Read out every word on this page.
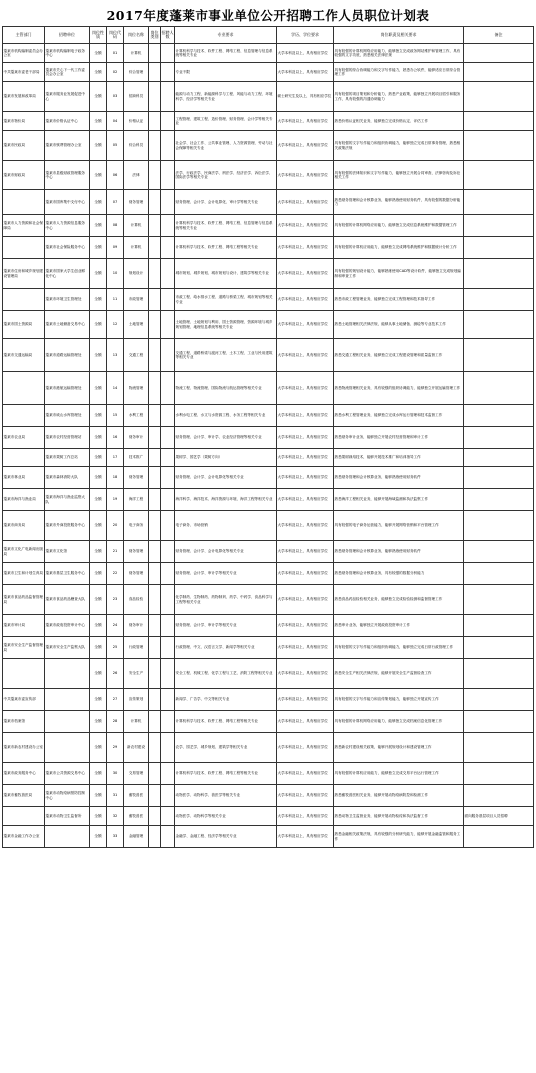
2017年度蓬莱市事业单位公开招聘工作人员职位计划表
主管部门	招聘单位	岗位性质	岗位代码	岗位名称	岗位类别	招聘人数	专业要求	学历、学位要求	岗位职责及相关要求	备注
蓬莱市机构编制委员会办公室	蓬莱市机构编制电子政务中心	全额	01	计算机			计算机科学与技术、软件工程、网络工程、信息管理与信息系统等相关专业	大学本科及以上，具有相应学位	具有较强的计算机网络应用能力，能够独立完成政务网站维护和管理工作，具有较强的文字功底，熟悉相关法律法规	
中共蓬莱市委老干部局	蓬莱市关心下一代工作委员会办公室	全额	02	综合管理			专业不限	大学本科及以上，具有相应学位	具有较强的综合协调能力和文字写作能力，熟悉办公软件，能够适应日常综合管理工作	
蓬莱市发展和改革局	蓬莱市服务业发展促进中心	全额	03	招商科员			能源与动力工程、新能源科学与工程、风能与动力工程、环境科学、经济学等相关专业	硕士研究生及以上，具有相应学位	具有较强的项目策划和分析能力，熟悉产业政策，能够独立开展项目招引和服务工作，具有较强的沟通协调能力	
蓬莱市物价局	蓬莱市价格认证中心	全额	04	价格认证			工程管理、建筑工程、造价管理、财务管理、会计学等相关专业	大学本科及以上，具有相应学位	熟悉价格认证相关业务，能够独立完成价格认定、评估工作	
蓬莱市民政局	蓬莱市殡葬管理办公室	全额	05	综合科员			社会学、社会工作、公共事业管理、人力资源管理、劳动与社会保障等相关专业	大学本科及以上，具有相应学位	具有较强的文字写作能力和组织协调能力，能够独立完成日常事务管理，熟悉相关政策法规	
蓬莱市财政局	蓬莱市县级财政管理服务中心	全额	06	法律			法学、行政法学、民商法学、刑法学、经济法学、诉讼法学、国际法学等相关专业	大学本科及以上，具有相应学位	具有较强的法律知识和文字写作能力，能够独立开展合同审查、法律咨询及诉讼相关工作	
	蓬莱市国库集中支付中心	全额	07	财务管理			财务管理、会计学、会计电算化、审计学等相关专业	大学本科及以上，具有相应学位	熟悉财务管理和会计核算业务，能够熟练使用财务软件，具有较强的数据分析能力	
蓬莱市人力资源和社会保障局	蓬莱市人力资源信息服务中心	全额	08	计算机			计算机科学与技术、软件工程、网络工程、信息管理与信息系统等相关专业	大学本科及以上，具有相应学位	具有较强的计算机网络应用能力，能够独立完成信息系统维护和数据管理工作	
	蓬莱市社会保险服务中心	全额	09	计算机			计算机科学与技术、软件工程、网络工程等相关专业	大学本科及以上，具有相应学位	具有较强的计算机应用能力，能够独立完成网络系统维护和数据统计分析工作	
蓬莱市住房和城乡规划建设管理局	蓬莱市国家大学生创业孵化中心	全额	10	规划设计			城市规划、城乡规划、城市规划与设计、建筑学等相关专业	大学本科及以上，具有相应学位	具有较强的规划设计能力，能够熟练使用CAD等设计软件，能够独立完成规划编制和审查工作	
	蓬莱市环境卫生管理处	全额	11	市政管理			市政工程、给水排水工程、道路与桥梁工程、城市规划等相关专业	大学本科及以上，具有相应学位	熟悉市政工程管理业务，能够独立完成工程管理和技术指导工作	
蓬莱市国土资源局	蓬莱市土地储备交易中心	全额	12	土地管理			土地管理、土地规划与利用、国土资源管理、资源环境与城乡规划管理、地理信息系统等相关专业	大学本科及以上，具有相应学位	熟悉土地管理相关法律法规，能够从事土地储备、测绘等专业技术工作	
蓬莱市交通运输局	蓬莱市道路运输管理处	全额	13	交通工程			交通工程、道路桥梁与渡河工程、土木工程、工业与民用建筑等相关专业	大学本科及以上，具有相应学位	熟悉交通工程相关业务，能够独立完成工程建设管理和质量监督工作	
	蓬莱市港航运输管理处	全额	14	物流管理			物流工程、物流管理、国际物流与航运管理等相关专业	大学本科及以上，具有相应学位	熟悉物流管理相关业务，具有较强的组织协调能力，能够独立开展运输管理工作	
	蓬莱市戚山水库管理处	全额	15	水利工程			水利水电工程、水文与水资源工程、水务工程等相关专业	大学本科及以上，具有相应学位	熟悉水利工程管理业务，能够独立完成水库运行管理和技术监督工作	
蓬莱市农业局	蓬莱市农村经营管理站	全额	16	财务审计			财务管理、会计学、审计学、农业经济管理等相关专业	大学本科及以上，具有相应学位	熟悉财务审计业务，能够独立开展农村经营管理和审计工作	
	蓬莱市果树工作总站	全额	17	技术推广			果树学、园艺学（果树方向）	大学本科及以上，具有相应学位	熟悉果树栽培技术，能够开展技术推广和培训指导工作	
蓬莱市林业局	蓬莱市森林消防大队	全额	18	财务管理			财务管理、会计学、会计电算化等相关专业	大学本科及以上，具有相应学位	熟悉财务管理和会计核算业务，能够熟练使用财务软件	
蓬莱市海洋与渔业局	蓬莱市海洋与渔业监察大队	全额	19	海洋工程			海洋科学、海洋技术、海洋资源与环境、海洋工程等相关专业	大学本科及以上，具有相应学位	熟悉海洋工程相关业务，能够开展海域监测和执法监察工作	
蓬莱市商务局	蓬莱市外商投资服务中心	全额	20	电子商务			电子商务、市场营销	大学本科及以上，具有相应学位	具有较强的电子商务运营能力，能够开展网络营销和平台管理工作	
蓬莱市文化广电新闻出版局	蓬莱市文化馆	全额	21	财务管理			财务管理、会计学、会计电算化等相关专业	大学本科及以上，具有相应学位	熟悉财务管理和会计核算业务，能够熟练使用财务软件	
蓬莱市卫生和计划生育局	蓬莱市基层卫生服务中心	全额	22	财务管理			财务管理、会计学、审计学等相关专业	大学本科及以上，具有相应学位	熟悉财务管理和会计核算业务，具有较强的数据分析能力	
蓬莱市食品药品监督管理局	蓬莱市食品药品稽查大队	全额	23	食品检验			化学制药、生物制药、药物制剂、药学、中药学、食品科学与工程等相关专业	大学本科及以上，具有相应学位	熟悉食品药品检验相关业务，能够独立完成检验检测和监督管理工作	
蓬莱市审计局	蓬莱市政府投资审计中心	全额	24	财务审计			财务管理、会计学、审计学等相关专业	大学本科及以上，具有相应学位	熟悉审计业务，能够独立开展政府投资审计工作	
蓬莱市安全生产监督管理局	蓬莱市安全生产监察大队	全额	25	行政管理			行政管理、中文、汉语言文学、新闻学等相关专业	大学本科及以上，具有相应学位	具有较强的文字写作能力和组织协调能力，能够独立完成日常行政管理工作	
		全额	26	安全生产			安全工程、机械工程、化学工程与工艺、消防工程等相关专业	大学本科及以上，具有相应学位	熟悉安全生产相关法律法规，能够开展安全生产监督检查工作	
中共蓬莱市委宣传部		全额	27	宣传策划			新闻学、广告学、中文等相关专业	大学本科及以上，具有相应学位	具有较强的文字写作能力和宣传策划能力，能够独立开展宣传工作	
蓬莱市档案馆		全额	28	计算机			计算机科学与技术、软件工程、网络工程等相关专业	大学本科及以上，具有相应学位	具有较强的计算机网络应用能力，能够独立完成档案信息化管理工作	
蓬莱市新农村建设办公室		全额	29	新农村建设			农学、园艺学、城乡规划、建筑学等相关专业	大学本科及以上，具有相应学位	熟悉新农村建设相关政策，能够开展规划设计和建设管理工作	
蓬莱市政务服务中心	蓬莱市公共资源交易中心	全额	30	交易管理			计算机科学与技术、软件工程、网络工程等相关专业	大学本科及以上，具有相应学位	具有较强的计算机应用能力，能够独立完成交易平台运行管理工作	
蓬莱市畜牧兽医局	蓬莱市动物疫病预防控制中心	全额	31	畜牧兽医			动物医学、动物科学、兽医学等相关专业	大学本科及以上，具有相应学位	熟悉畜牧兽医相关业务，能够开展动物疫病防控和检测工作	
	蓬莱市动物卫生监督所	全额	32	畜牧兽医			动物医学、动物科学等相关专业	大学本科及以上，具有相应学位	熟悉动物卫生监督业务，能够开展动物检疫和执法监督工作	面向服务基层项目人员招聘
蓬莱市金融工作办公室		全额	33	金融管理			金融学、金融工程、经济学等相关专业	大学本科及以上，具有相应学位	熟悉金融相关政策法规，具有较强的分析研究能力，能够开展金融监管和服务工作	
